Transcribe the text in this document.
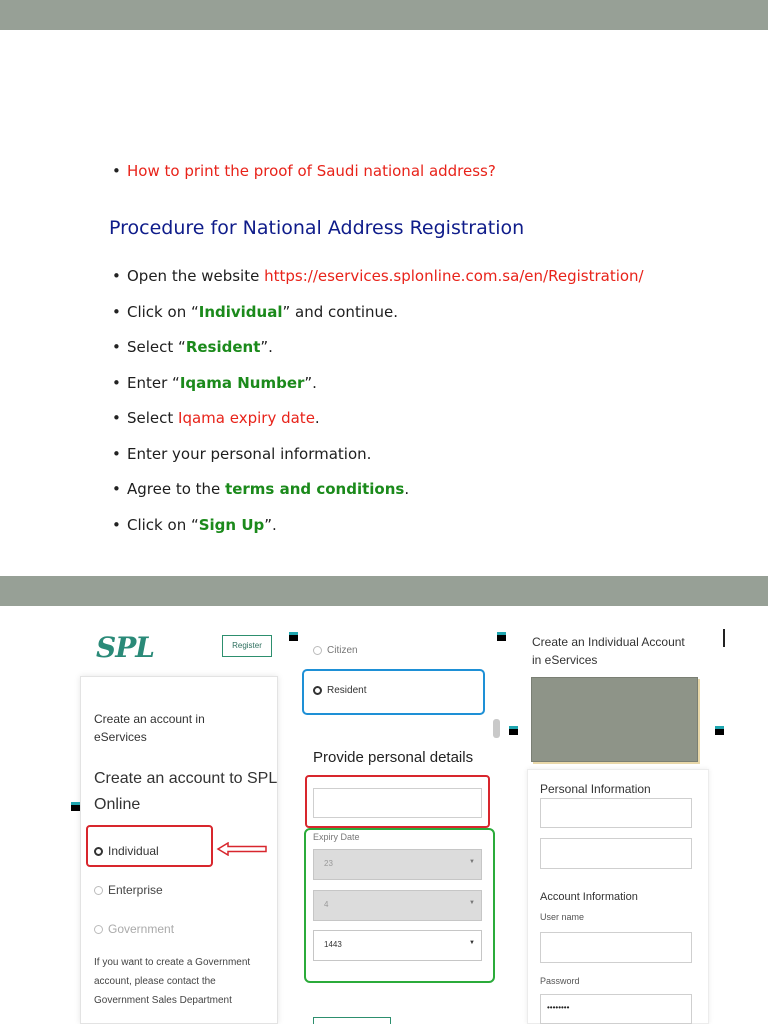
• How to print the proof of Saudi national address?
Procedure for National Address Registration
• Open the website https://eservices.splonline.com.sa/en/Registration/
• Click on “Individual” and continue.
• Select “Resident”.
• Enter “Iqama Number”.
• Select Iqama expiry date.
• Enter your personal information.
• Agree to the terms and conditions.
• Click on “Sign Up”.
SPL	Register
Create an account in
eServices
Create an account to SPL
Online
Individual
Enterprise
Government
If you want to create a Government
account, please contact the
Government Sales Department
Citizen
Resident
Provide personal details
Expiry Date
23	▼
4	▼
1443	▼
Create an Individual Account
in eServices
Personal Information
Account Information
User name
Password
••••••••
